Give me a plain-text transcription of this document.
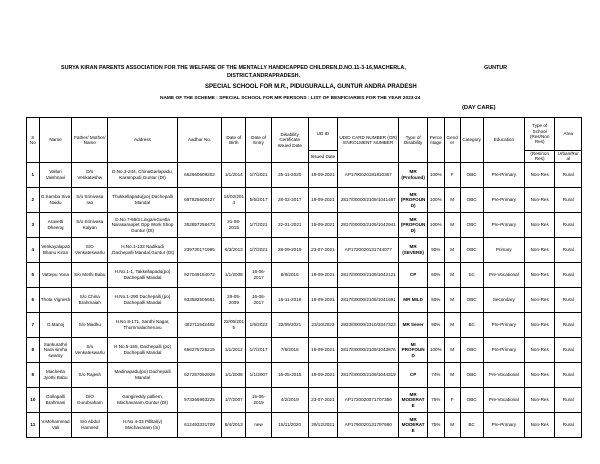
SURYA KIRAN PARENTS ASSOCIATION FOR THE WELFARE OF THE MENTALLY HANDICAPPED CHILDREN,D.NO.11-3-16,MACHERLA,	GUNTUR
DISTRICT,ANDRAPRADESH.
SPECIAL SCHOOL FOR M.R., PIDUGURALLA, GUNTUR ANDRA PRADESH
NAME OF THE SCHEME : SPECIAL SCHOOL FOR MR PERSONS : LIST OF BENFICIARIES FOR THE YEAR 2023-24
(DAY CARE)
S No	Name	Father/ Mother/ Name	Address	Aadhar No.	Date of Birth	Date of Entry	Disability Certificate Issued Date	UD ID	UDID CARD NUMBER (OR) ENROLMENT NUMBER	Type of Disability	Percentage	Gender	Category	Education	Type of School (Res/Non Res)	Area
								Issued Date							(Res/non Res)	Urban/Rural
1	Valluri Vaishnavi	D/o Venkateshw	D.No.3-244, ChinaGarlapadu, Karampudi,Guntur (Dt)	662660609202	1/1/2014	1/7/2021	25-11-2020	19-09-2021	AP1790020181810367	MR (Profound)	100%	F	OBC	Pre-Primary	Non-Res	Rural
2	G.Samba Siva Naidu	S/o Srinivasa rao	Thukkellapadu(po) Dachepalli Mandal	687825600427	14/02/2014	5/6/2017	28-02-2017	19-09-2021	2817/00000/2109/1041487	MR (PROFOUND)	100%	M	OBC	Pre-Primary	Non-Res	Rural
3	Aravetti Dheeraj	S/o Srinivasa Kalyan	D.No.7-98/3 LingamGuntla Narasaraopet Opp Work Shop Guntur (Dt)	352857258473	31-08-2015	1/7/2021	22-01-2021	19-09-2021	2817/00000/2109/1042941	MR (PROFOUND)	100%	M	OBC	Pre-Primary	Non-Res	Rural
4	Venkayalapati Bhanu Kiran	S/O Venkateswarlu	H.No.1-133 Nadikudi ,Dachepalli Mandal,Guntur (Dt)	239730171985	6/3/2013	1/7/2021	28-09-2019	23-07-2021	AP1720020131744077	MR (SEVERE)	90%	M	OBC	Primary	Non-Res	Rural
5	Vattepu Yona	S/o Methi Babu	H.No.1-1, Takkellapadu(po) Dachepalli Mandal	927049154072	1/1/2008	16-06-2017	8/8/2016	19-09-2021	2817/00000/2109/1042121	CP	60%	M	SC	Pre-Vocational	Non-Res	Rural
6	Thota Vignesh	S/o China Brahmaiah	H.No.1-290 Dachepalli (po) Dachepalli Mandal	933582505661	29-05-2009	16-06-2017	16-11-2016	19-09-2021	2817/00000/2109/1041691	MR MILD	50%	M	OBC	Secondary	Non-Res	Rural
7	G.Manoj	S/o Madhu	H.No 8-171, Santhi Nagar, Thummalacheruvu	482711542482	22/05/2015	1/6/2023	22/09/2021	23/10/2023	2833/00000/2310/3347323	MR Sever	90%	M	BC	Pre-Primary	Non-Res	Rural
8	Sankurathri Nara simha swamy	S/o Venkateswarlu	H.No.5-155, Dachepalli (po) Dachepalli Mandal	656275725215	1/1/2012	1/7/2017	7/8/2016	19-09-2021	2817/00000/2109/1043876	MI PROFOUND	100%	M	OBC	Pre-Primary	Non-Res	Rural
9	Macherla Jyothi Babu	S/o Rajesh	Madinapadu(po) Dachepalli Mandal	527257092929	1/1/2006	1/1/2007	16-05-2015	19-09-2021	2817/00000/2109/1044319	CP	74%	M	OBC	Pre-Vocational	Non-Res	Rural
10	Gollapalli Brahmani	D/O Gurubraham	Gangireddy palliem, Machavaram,Guntur (Dt)	973266993225	1/7/2007	15-06-2019	4/2/2019	23-07-2021	AP1720020071707350	MR MODERATE	75%	F	OBC	Pre-Vocational	Non-Res	Rural
11	V.Mohammad Vali	S/o Abdul Hameed	H.No 4-33 Pillital(v) Machavaram (m)	612493331709	8/4/2013	new	15/11/2020	29/12/2021	AP1790020131797680	MR MODERATE	75%	M	BC	Pre-Primary	Non-Res	Rural
